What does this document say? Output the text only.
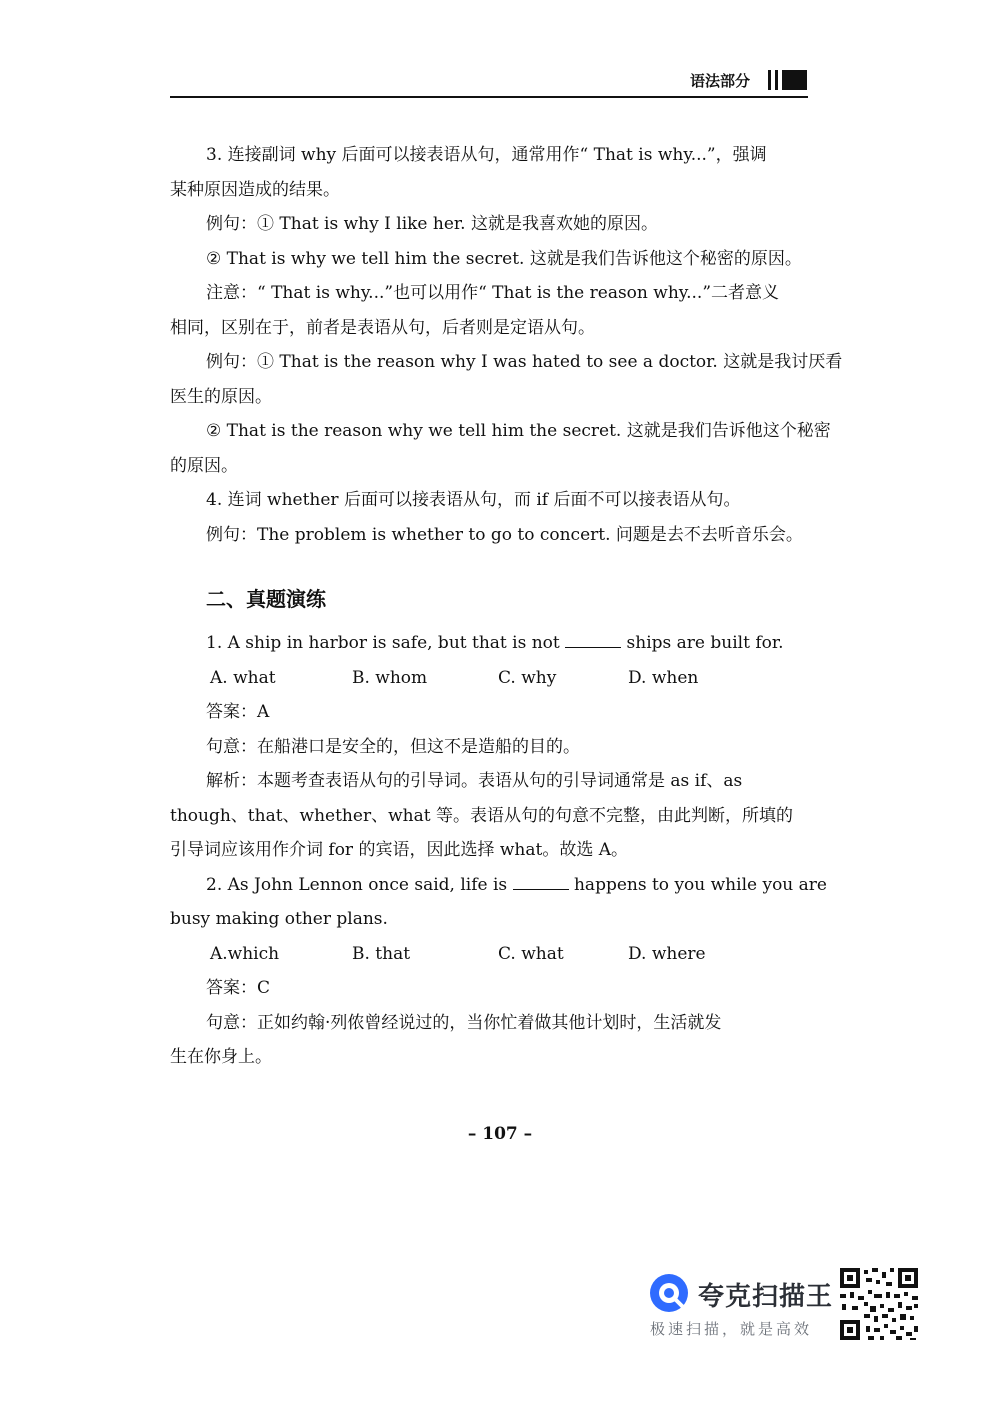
语法部分

3. 连接副词 why 后面可以接表语从句，通常用作“ That is why...”，强调

某种原因造成的结果。

例句：① That is why I like her. 这就是我喜欢她的原因。

② That is why we tell him the secret. 这就是我们告诉他这个秘密的原因。

注意：“ That is why...”也可以用作“ That is the reason why...”二者意义

相同，区别在于，前者是表语从句，后者则是定语从句。

例句：① That is the reason why I was hated to see a doctor. 这就是我讨厌看

医生的原因。

② That is the reason why we tell him the secret. 这就是我们告诉他这个秘密

的原因。

4. 连词 whether 后面可以接表语从句，而 if 后面不可以接表语从句。

例句：The problem is whether to go to concert. 问题是去不去听音乐会。

二、真题演练

1. A ship in harbor is safe, but that is not	ships are built for.

A. what	B. whom	C. why	D. when

答案：A

句意：在船港口是安全的，但这不是造船的目的。

解析：本题考查表语从句的引导词。表语从句的引导词通常是 as if、as

though、that、whether、what 等。表语从句的句意不完整，由此判断，所填的

引导词应该用作介词 for 的宾语，因此选择 what。故选 A。

2. As John Lennon once said, life is	happens to you while you are

busy making other plans.

A.which	B. that	C. what	D. where

答案：C

句意：正如约翰·列侬曾经说过的，当你忙着做其他计划时，生活就发

生在你身上。

– 107 –
夸克扫描王
极速扫描，就是高效
